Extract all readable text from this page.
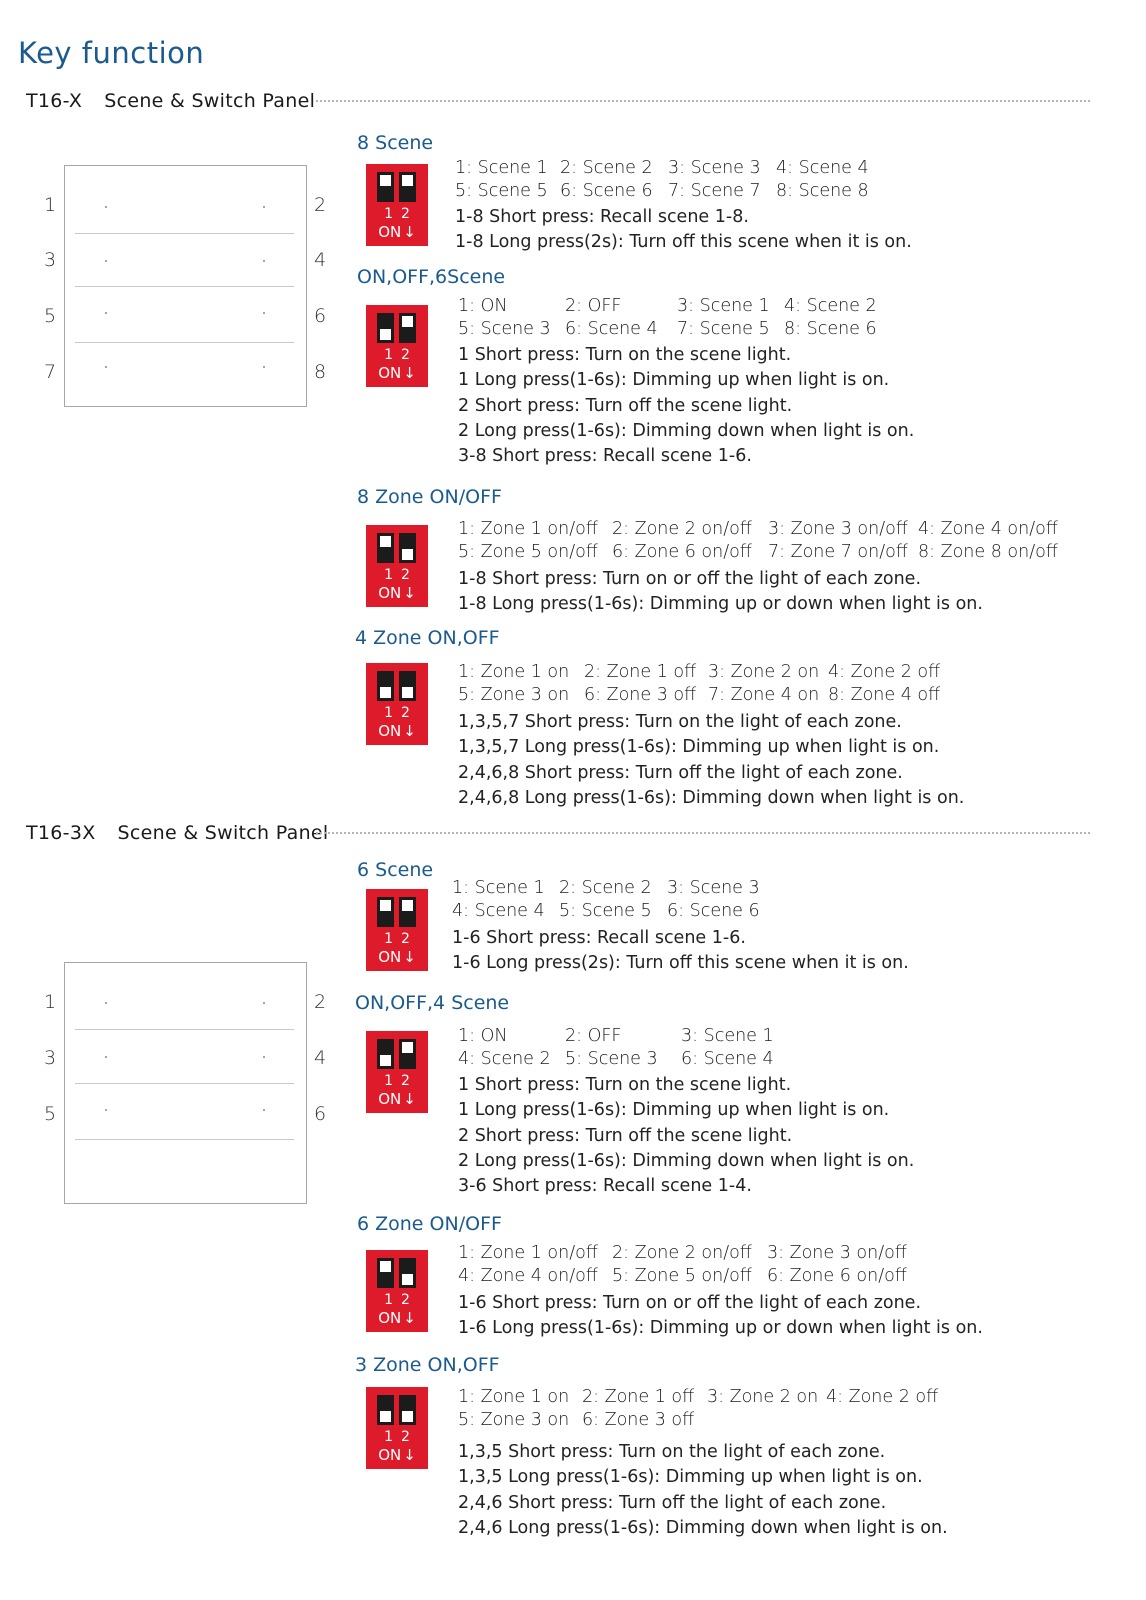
Key function
T16-X Scene & Switch Panel
T16-3X Scene & Switch Panel
1
3
5
7
2
4
6
8
1
3
5
2
4
6
8 Scene
12
ON ↓
1: Scene 1 2: Scene 2 3: Scene 3 4: Scene 4
5: Scene 5 6: Scene 6 7: Scene 7 8: Scene 8
1-8 Short press: Recall scene 1-8.
1-8 Long press(2s): Turn off this scene when it is on.
ON,OFF,6Scene
12
ON ↓
1: ON	2: OFF	3: Scene 1 4: Scene 2
5: Scene 3 6: Scene 4 7: Scene 5 8: Scene 6
1 Short press: Turn on the scene light.
1 Long press(1-6s): Dimming up when light is on.
2 Short press: Turn off the scene light.
2 Long press(1-6s): Dimming down when light is on.
3-8 Short press: Recall scene 1-6.
8 Zone ON/OFF
12
ON ↓
1: Zone 1 on/off 2: Zone 2 on/off 3: Zone 3 on/off 4: Zone 4 on/off
5: Zone 5 on/off 6: Zone 6 on/off 7: Zone 7 on/off 8: Zone 8 on/off
1-8 Short press: Turn on or off the light of each zone.
1-8 Long press(1-6s): Dimming up or down when light is on.
4 Zone ON,OFF
12
ON ↓
1: Zone 1 on 2: Zone 1 off 3: Zone 2 on 4: Zone 2 off
5: Zone 3 on 6: Zone 3 off 7: Zone 4 on 8: Zone 4 off
1,3,5,7 Short press: Turn on the light of each zone.
1,3,5,7 Long press(1-6s): Dimming up when light is on.
2,4,6,8 Short press: Turn off the light of each zone.
2,4,6,8 Long press(1-6s): Dimming down when light is on.
6 Scene
12
ON ↓
1: Scene 1 2: Scene 2 3: Scene 3
4: Scene 4 5: Scene 5 6: Scene 6
1-6 Short press: Recall scene 1-6.
1-6 Long press(2s): Turn off this scene when it is on.
ON,OFF,4 Scene
12
ON ↓
1: ON	2: OFF	3: Scene 1
4: Scene 2 5: Scene 3 6: Scene 4
1 Short press: Turn on the scene light.
1 Long press(1-6s): Dimming up when light is on.
2 Short press: Turn off the scene light.
2 Long press(1-6s): Dimming down when light is on.
3-6 Short press: Recall scene 1-4.
6 Zone ON/OFF
12
ON ↓
1: Zone 1 on/off 2: Zone 2 on/off 3: Zone 3 on/off
4: Zone 4 on/off 5: Zone 5 on/off 6: Zone 6 on/off
1-6 Short press: Turn on or off the light of each zone.
1-6 Long press(1-6s): Dimming up or down when light is on.
3 Zone ON,OFF
12
ON ↓
1: Zone 1 on 2: Zone 1 off 3: Zone 2 on 4: Zone 2 off
5: Zone 3 on 6: Zone 3 off
1,3,5 Short press: Turn on the light of each zone.
1,3,5 Long press(1-6s): Dimming up when light is on.
2,4,6 Short press: Turn off the light of each zone.
2,4,6 Long press(1-6s): Dimming down when light is on.
